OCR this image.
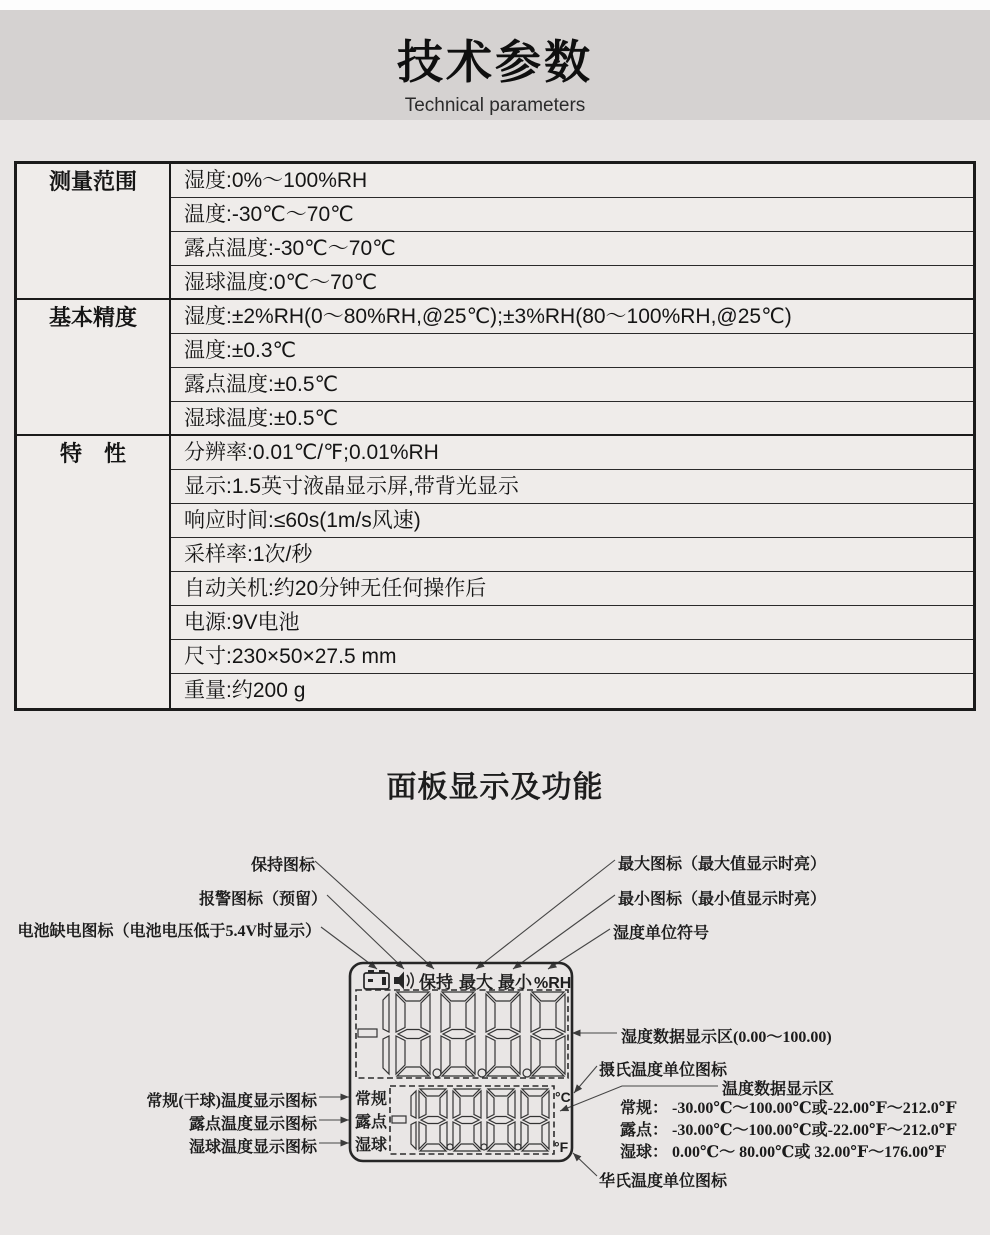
技术参数
Technical parameters
测量范围	湿度:0%～100%RH
温度:-30℃～70℃
露点温度:-30℃～70℃
湿球温度:0℃～70℃
基本精度	湿度:±2%RH(0～80%RH,@25℃);±3%RH(80～100%RH,@25℃)
温度:±0.3℃
露点温度:±0.5℃
湿球温度:±0.5℃
特　性	分辨率:0.01℃/℉;0.01%RH
显示:1.5英寸液晶显示屏,带背光显示
响应时间:≤60s(1m/s风速)
采样率:1次/秒
自动关机:约20分钟无任何操作后
电源:9V电池
尺寸:230×50×27.5 mm
重量:约200 g
面板显示及功能
保持 最大 最小 %RH
常规
露点
湿球
°C
°F
保持图标
报警图标（预留）
电池缺电图标（电池电压低于5.4V时显示）
最大图标（最大值显示时亮）
最小图标（最小值显示时亮）
湿度单位符号
湿度数据显示区(0.00～100.00)
摄氏温度单位图标
温度数据显示区
常规： -30.00℃～100.00℃或-22.00℉～212.0℉
露点： -30.00℃～100.00℃或-22.00℉～212.0℉
湿球： 0.00℃～ 80.00℃或 32.00℉～176.00℉
华氏温度单位图标
常规(干球)温度显示图标
露点温度显示图标
湿球温度显示图标
